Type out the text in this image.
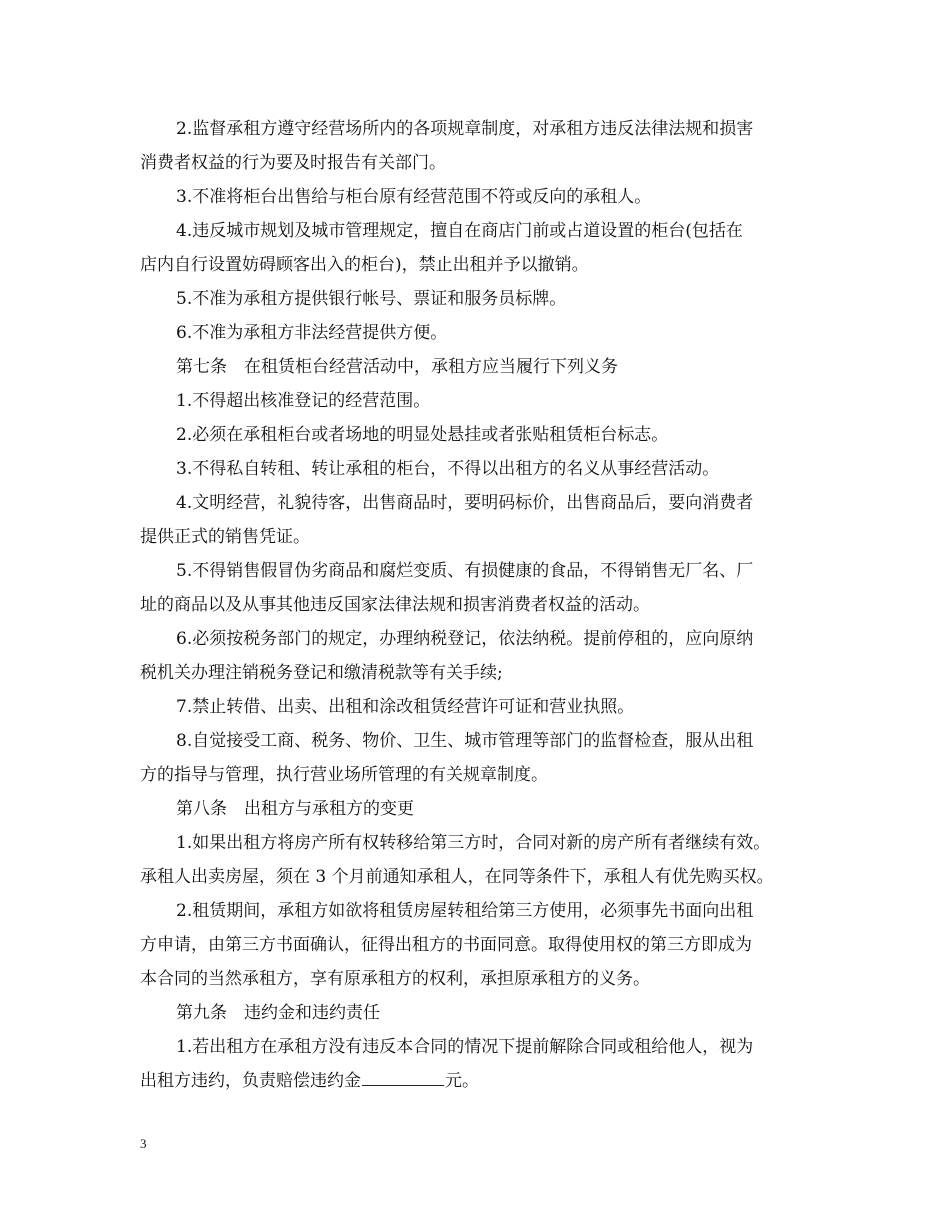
2.监督承租方遵守经营场所内的各项规章制度，对承租方违反法律法规和损害
消费者权益的行为要及时报告有关部门。
3.不准将柜台出售给与柜台原有经营范围不符或反向的承租人。
4.违反城市规划及城市管理规定，擅自在商店门前或占道设置的柜台(包括在
店内自行设置妨碍顾客出入的柜台)，禁止出租并予以撤销。
5.不准为承租方提供银行帐号、票证和服务员标牌。
6.不准为承租方非法经营提供方便。
第七条　在租赁柜台经营活动中，承租方应当履行下列义务
1.不得超出核准登记的经营范围。
2.必须在承租柜台或者场地的明显处悬挂或者张贴租赁柜台标志。
3.不得私自转租、转让承租的柜台，不得以出租方的名义从事经营活动。
4.文明经营，礼貌待客，出售商品时，要明码标价，出售商品后，要向消费者
提供正式的销售凭证。
5.不得销售假冒伪劣商品和腐烂变质、有损健康的食品，不得销售无厂名、厂
址的商品以及从事其他违反国家法律法规和损害消费者权益的活动。
6.必须按税务部门的规定，办理纳税登记，依法纳税。提前停租的，应向原纳
税机关办理注销税务登记和缴清税款等有关手续;
7.禁止转借、出卖、出租和涂改租赁经营许可证和营业执照。
8.自觉接受工商、税务、物价、卫生、城市管理等部门的监督检查，服从出租
方的指导与管理，执行营业场所管理的有关规章制度。
第八条　出租方与承租方的变更
1.如果出租方将房产所有权转移给第三方时，合同对新的房产所有者继续有效。
承租人出卖房屋，须在 3 个月前通知承租人，在同等条件下，承租人有优先购买权。
2.租赁期间，承租方如欲将租赁房屋转租给第三方使用，必须事先书面向出租
方申请，由第三方书面确认，征得出租方的书面同意。取得使用权的第三方即成为
本合同的当然承租方，享有原承租方的权利，承担原承租方的义务。
第九条　违约金和违约责任
1.若出租方在承租方没有违反本合同的情况下提前解除合同或租给他人，视为
出租方违约，负责赔偿违约金	元。
3
